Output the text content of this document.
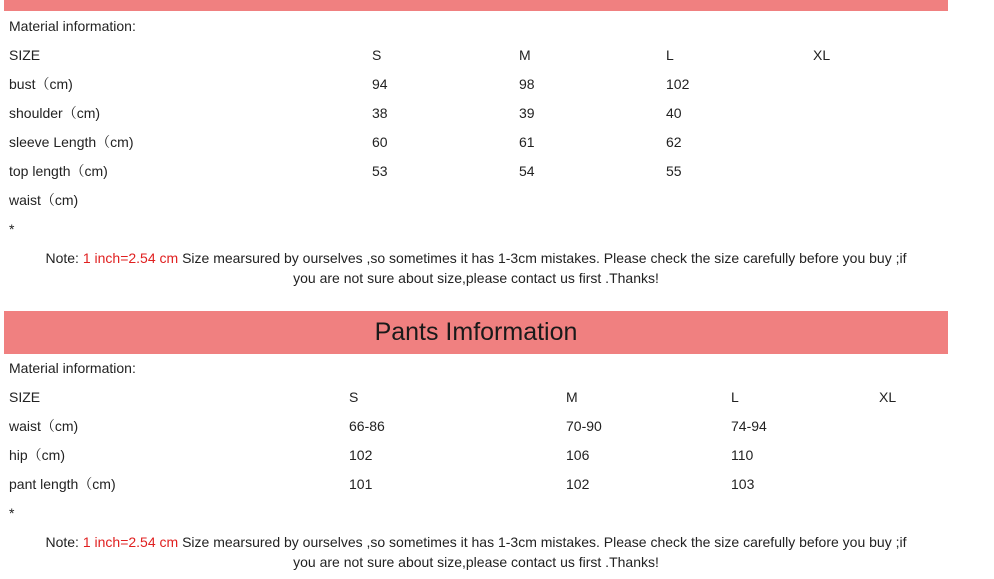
Material information:
SIZE	S	M	L	XL
bust（cm)	94	98	102
shoulder（cm)	38	39	40
sleeve Length（cm)	60	61	62
top length（cm)	53	54	55
waist（cm)
*
Note: 1 inch=2.54 cm Size mearsured by ourselves ,so sometimes it has 1-3cm mistakes. Please check the size carefully before you buy ;if
you are not sure about size,please contact us first .Thanks!
Pants Imformation
Material information:
SIZE	S	M	L	XL
waist（cm)	66-86	70-90	74-94
hip（cm)	102	106	110
pant length（cm)	101	102	103
*
Note: 1 inch=2.54 cm Size mearsured by ourselves ,so sometimes it has 1-3cm mistakes. Please check the size carefully before you buy ;if
you are not sure about size,please contact us first .Thanks!
